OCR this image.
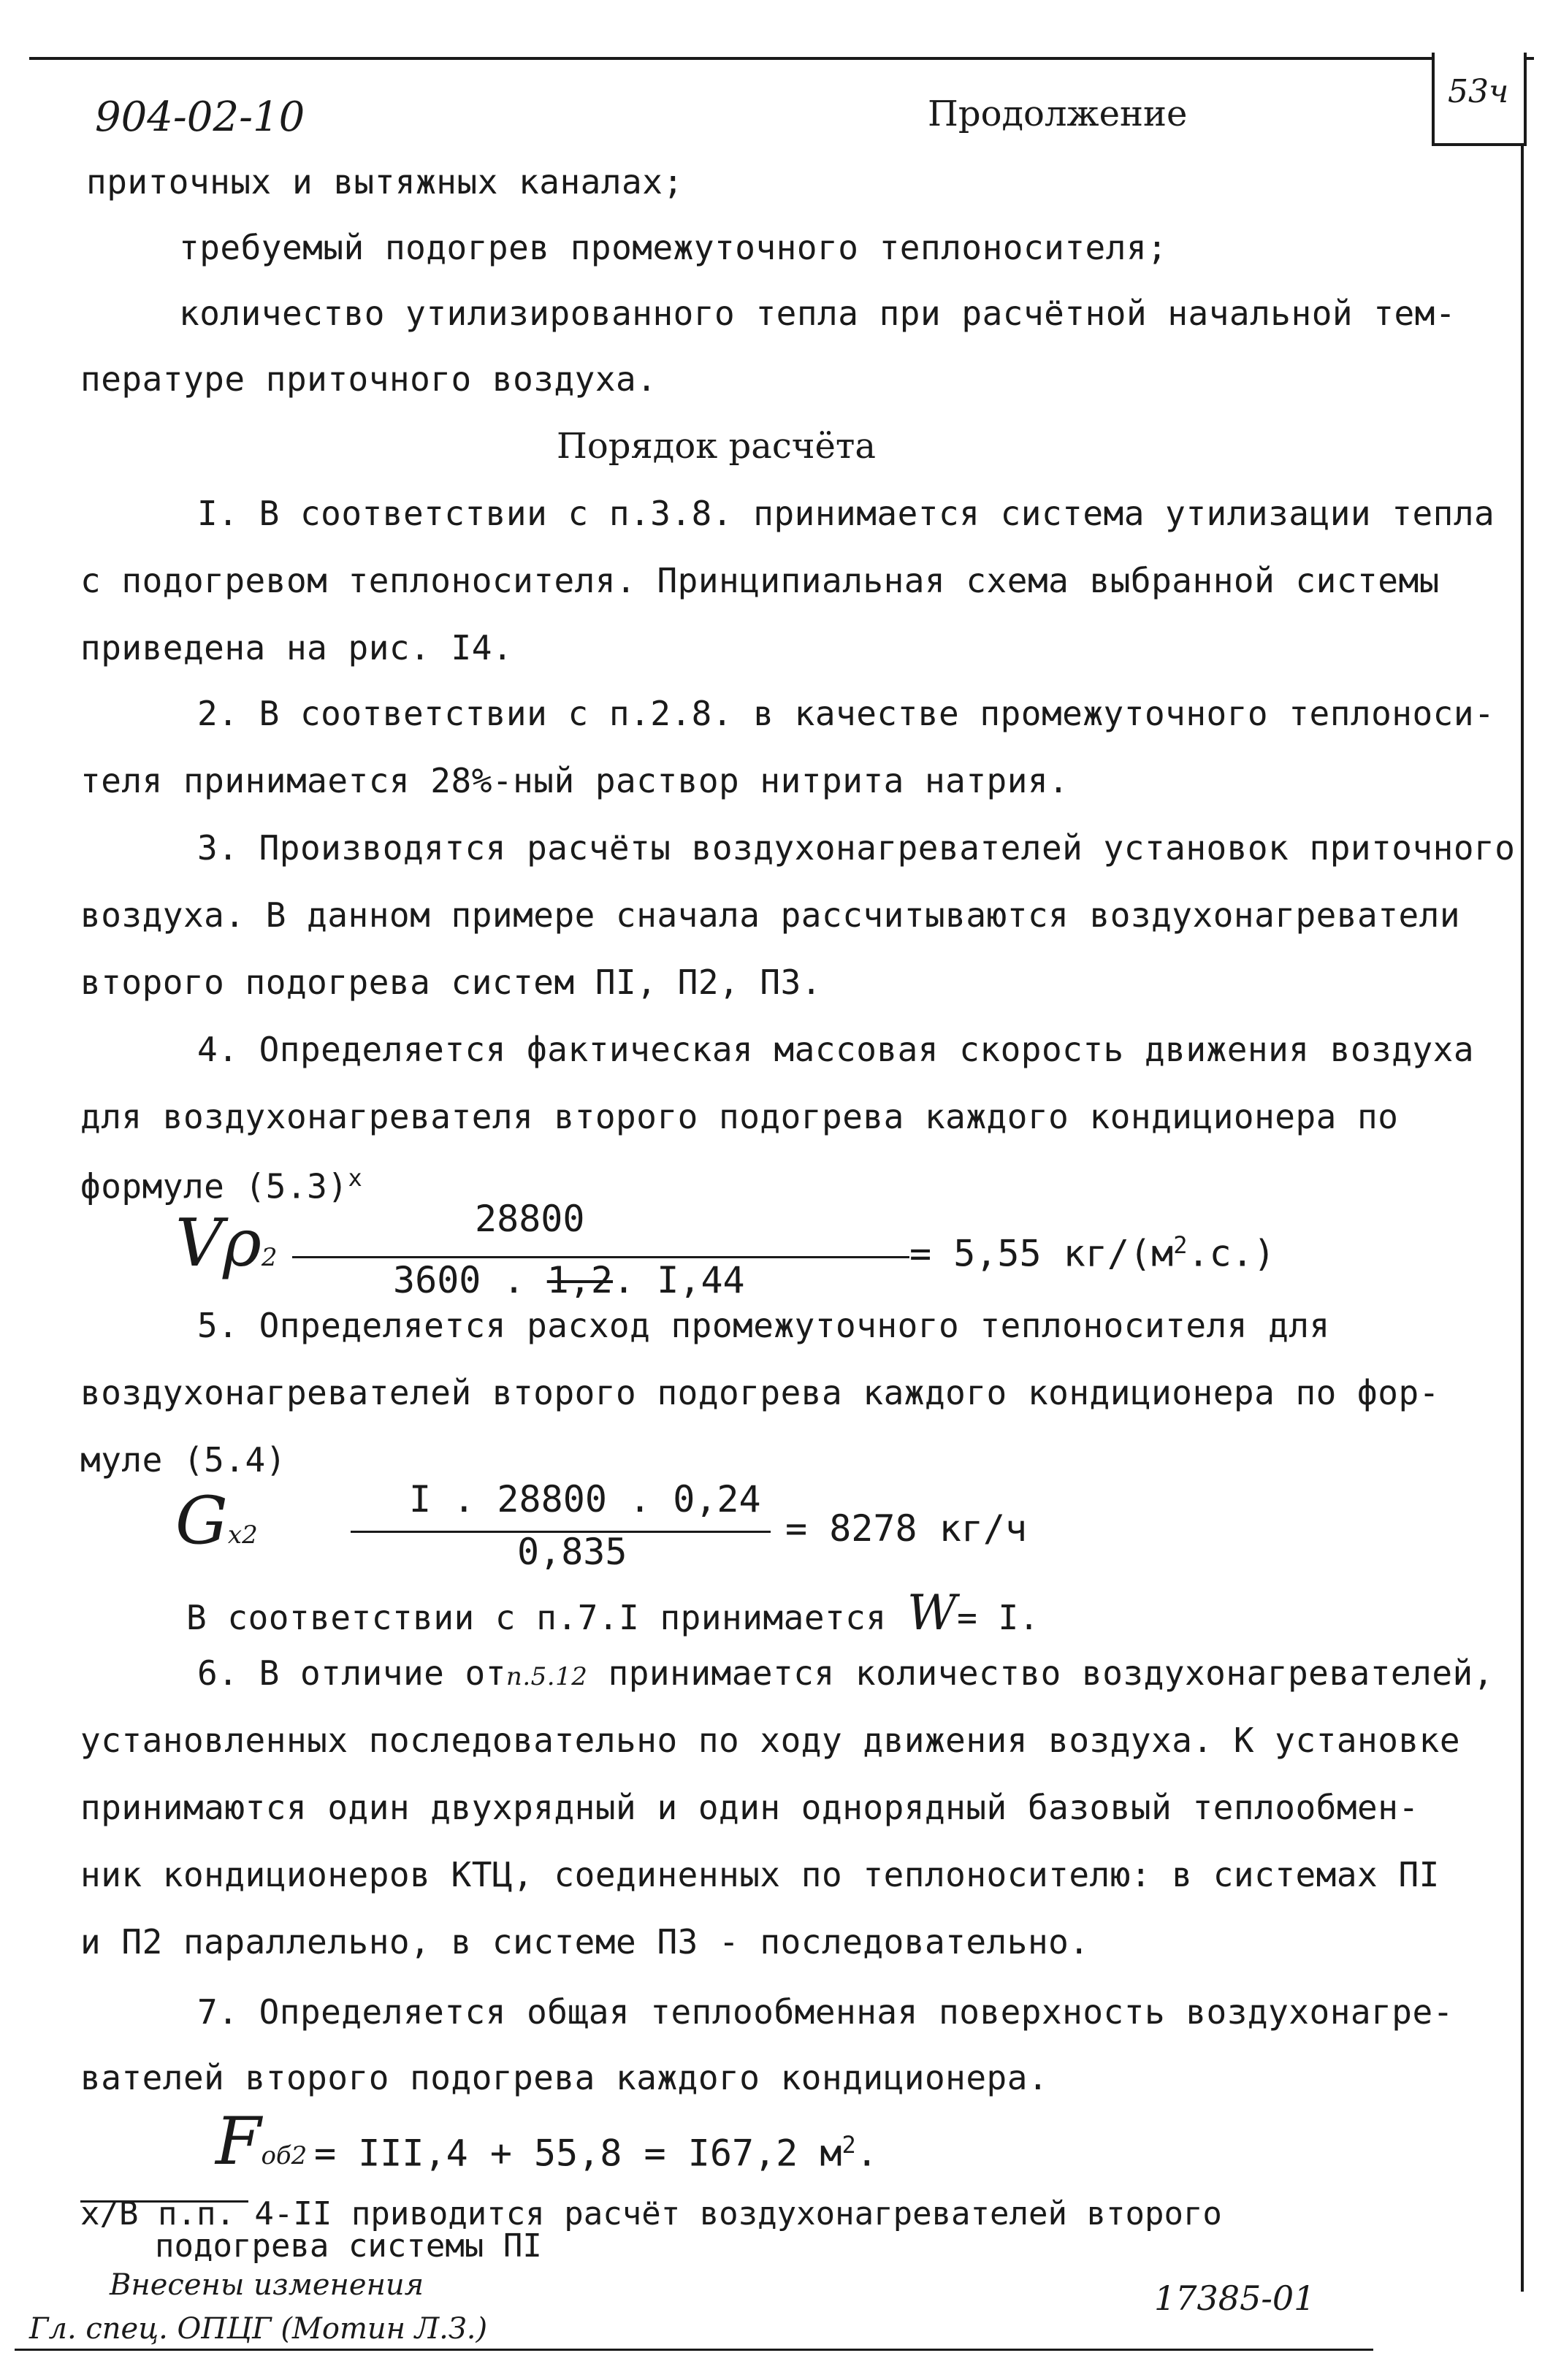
53ч
904-02-10	Продолжение
приточных и вытяжных каналах;
требуемый подогрев промежуточного теплоносителя;
количество утилизированного тепла при расчётной начальной тем-
пературе приточного воздуха.
Порядок расчёта
I. В соответствии с п.3.8. принимается система утилизации тепла
с подогревом теплоносителя. Принципиальная схема выбранной системы
приведена на рис. I4.
2. В соответствии с п.2.8. в качестве промежуточного теплоноси-
теля принимается 28%-ный раствор нитрита натрия.
3. Производятся расчёты воздухонагревателей установок приточного
воздуха. В данном примере сначала рассчитываются воздухонагреватели
второго подогрева систем ПI, П2, П3.
4. Определяется фактическая массовая скорость движения воздуха
для воздухонагревателя второго подогрева каждого кондиционера по
формуле $(5.3)^x$
Vρ2
28800
3600 . 1,2. I,44
= 5,55 $кг/(м^2.с.)$
5. Определяется расход промежуточного теплоносителя для
воздухонагревателей второго подогрева каждого кондиционера по фор-
муле (5.4)
Gx2
I . 28800 . 0,24
0,835
= 8278 кг/ч
В соответствии с п.7.I принимается W= I.
6. В отличие отп.5.12 принимается количество воздухонагревателей,
установленных последовательно по ходу движения воздуха. К установке
принимаются один двухрядный и один однорядный базовый теплообмен-
ник кондиционеров КТЦ, соединенных по теплоносителю: в системах ПI
и П2 параллельно, в системе П3 - последовательно.
7. Определяется общая теплообменная поверхность воздухонагре-
вателей второго подогрева каждого кондиционера.
Fоб2 = III,4 + 55,8 = I67,2 $м^2$.
x/В п.п. 4-II приводится расчёт воздухонагревателей второго
подогрева системы ПI
Внесены изменения
Гл. спец. ОПЦГ (Мотин Л.З.)
17385-01
